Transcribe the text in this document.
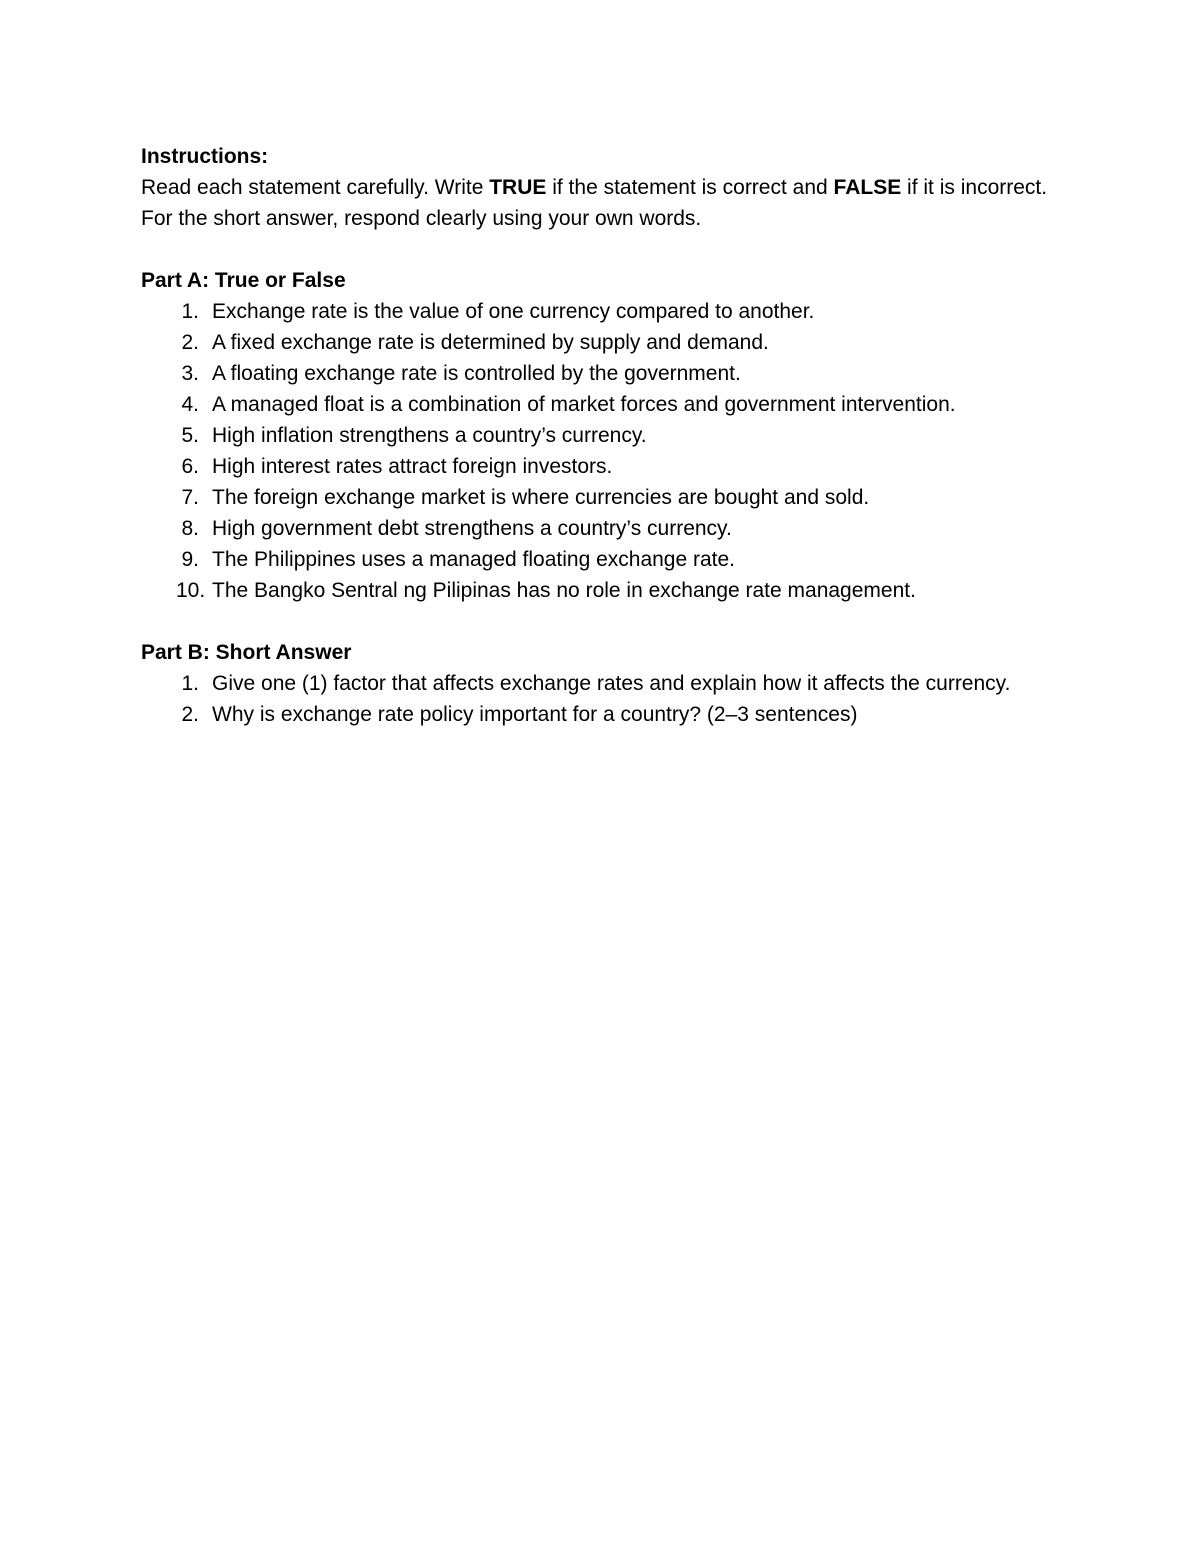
Instructions:

Read each statement carefully. Write TRUE if the statement is correct and FALSE if it is incorrect. For the short answer, respond clearly using your own words.

Part A: True or False

1. Exchange rate is the value of one currency compared to another.
2. A fixed exchange rate is determined by supply and demand.
3. A floating exchange rate is controlled by the government.
4. A managed float is a combination of market forces and government intervention.
5. High inflation strengthens a country’s currency.
6. High interest rates attract foreign investors.
7. The foreign exchange market is where currencies are bought and sold.
8. High government debt strengthens a country’s currency.
9. The Philippines uses a managed floating exchange rate.
10. The Bangko Sentral ng Pilipinas has no role in exchange rate management.

Part B: Short Answer

1. Give one (1) factor that affects exchange rates and explain how it affects the currency.
2. Why is exchange rate policy important for a country? (2–3 sentences)
